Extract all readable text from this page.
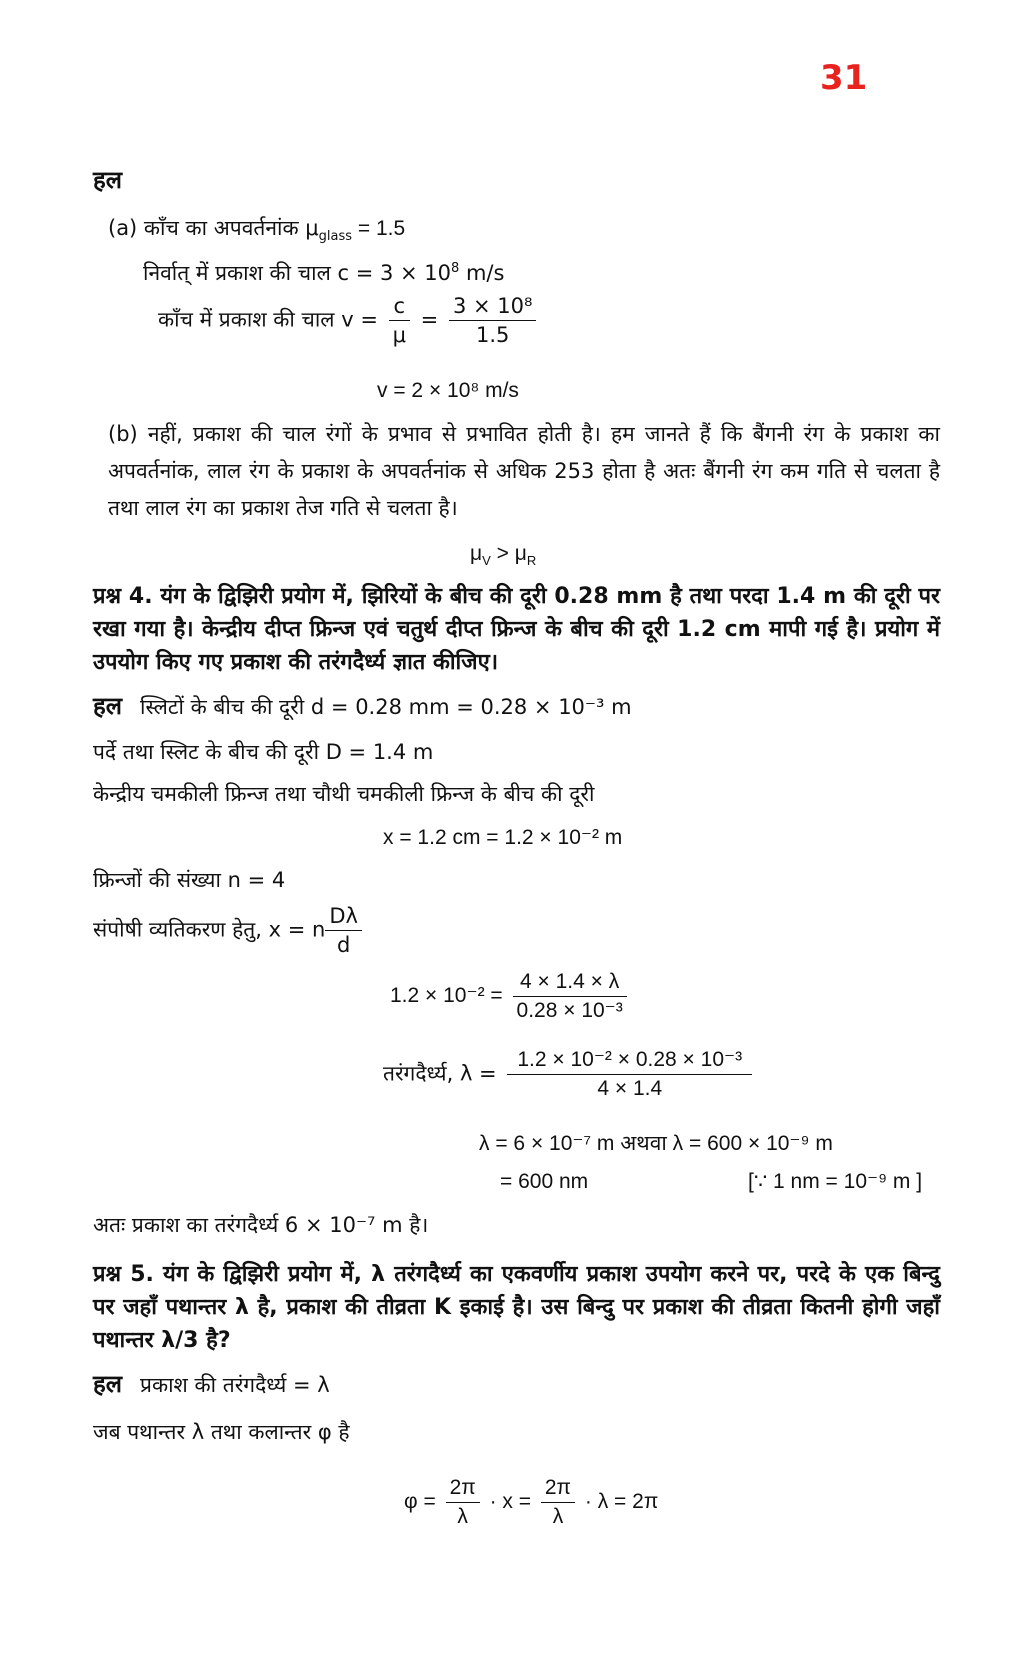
31
हल
(a) काँच का अपवर्तनांक $\mu_{glass} = 1.5$
निर्वात् में प्रकाश की चाल $c = 3 \times 10^8$ m/s
काँच में प्रकाश की चाल $v = \frac{c}{\mu} = \frac{\text{3 × 10⁸}}{1.5}$
v = 2 × 10⁸ m/s
(b) नहीं, प्रकाश की चाल रंगों के प्रभाव से प्रभावित होती है। हम जानते हैं कि बैंगनी रंग के प्रकाश का अपवर्तनांक, लाल रंग के प्रकाश के अपवर्तनांक से अधिक 253 होता है अतः बैंगनी रंग कम गति से चलता है तथा लाल रंग का प्रकाश तेज गति से चलता है।
$\mu_V > \mu_R$
प्रश्न 4. यंग के द्विझिरी प्रयोग में, झिरियों के बीच की दूरी 0.28 mm है तथा परदा 1.4 m की दूरी पर रखा गया है। केन्द्रीय दीप्त फ्रिन्ज एवं चतुर्थ दीप्त फ्रिन्ज के बीच की दूरी 1.2 cm मापी गई है। प्रयोग में उपयोग किए गए प्रकाश की तरंगदैर्ध्य ज्ञात कीजिए।
हल स्लिटों के बीच की दूरी d = 0.28 mm = 0.28 × 10⁻³ m
पर्दे तथा स्लिट के बीच की दूरी D = 1.4 m
केन्द्रीय चमकीली फ्रिन्ज तथा चौथी चमकीली फ्रिन्ज के बीच की दूरी
x = 1.2 cm = 1.2 × 10⁻² m
फ्रिन्जों की संख्या n = 4
संपोषी व्यतिकरण हेतु, x = n $\frac{D\lambda}{d}$
$1.2 \times 10^{-2} = \frac{4 \times 1.4 \times \lambda}{\text{0.28 × 10⁻³}}$
तरंगदैर्ध्य, $\lambda = \frac{\text{1.2 × 10⁻² × 0.28 × 10⁻³}}{4 \times 1.4}$
λ = 6 × 10⁻⁷ m अथवा λ = 600 × 10⁻⁹ m
= 600 nm	[∵ 1 nm = 10⁻⁹ m ]
अतः प्रकाश का तरंगदैर्ध्य 6 × 10⁻⁷ m है।
प्रश्न 5. यंग के द्विझिरी प्रयोग में, λ तरंगदैर्ध्य का एकवर्णीय प्रकाश उपयोग करने पर, परदे के एक बिन्दु पर जहाँ पथान्तर λ है, प्रकाश की तीव्रता K इकाई है। उस बिन्दु पर प्रकाश की तीव्रता कितनी होगी जहाँ पथान्तर λ/3 है?
हल प्रकाश की तरंगदैर्ध्य = λ
जब पथान्तर λ तथा कलान्तर φ है
$\varphi = \frac{2\pi}{\lambda} \cdot x = \frac{2\pi}{\lambda} \cdot \lambda = 2\pi$
